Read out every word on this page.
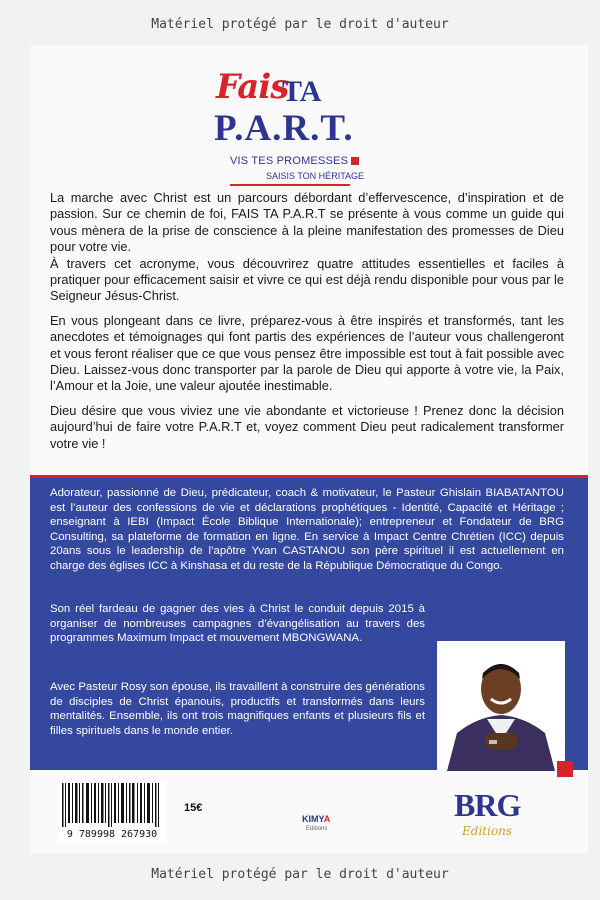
Matériel protégé par le droit d'auteur
Fais
TA
P.A.R.T.
VIS TES PROMESSES
SAISIS TON HÉRITAGE

La marche avec Christ est un parcours débordant d’effervescence, d’inspiration et de passion. Sur ce chemin de foi, FAIS TA P.A.R.T se présente à vous comme un guide qui vous mènera de la prise de conscience à la pleine manifestation des promesses de Dieu pour votre vie.

À travers cet acronyme, vous découvrirez quatre attitudes essentielles et faciles à pratiquer pour efficacement saisir et vivre ce qui est déjà rendu disponible pour vous par le Seigneur Jésus-Christ.

En vous plongeant dans ce livre, préparez-vous à être inspirés et transformés, tant les anecdotes et témoignages qui font partis des expériences de l’auteur vous challengeront et vous feront réaliser que ce que vous pensez être impossible est tout à fait possible avec Dieu. Laissez-vous donc transporter par la parole de Dieu qui apporte à votre vie, la Paix, l’Amour et la Joie, une valeur ajoutée inestimable.

Dieu désire que vous viviez une vie abondante et victorieuse ! Prenez donc la décision aujourd’hui de faire votre P.A.R.T et, voyez comment Dieu peut radicalement transformer votre vie !

Adorateur, passionné de Dieu, prédicateur, coach & motivateur, le Pasteur Ghislain BIABATANTOU est l’auteur des confessions de vie et déclarations prophétiques - Identité, Capacité et Héritage ; enseignant à IEBI (Impact École Biblique Internationale); entrepreneur et Fondateur de BRG Consulting, sa plateforme de formation en ligne. En service à Impact Centre Chrétien (ICC) depuis 20ans sous le leadership de l’apôtre Yvan CASTANOU son père spirituel il est actuellement en charge des églises ICC à Kinshasa et du reste de la République Démocratique du Congo.

Son réel fardeau de gagner des vies à Christ le conduit depuis 2015 à organiser de nombreuses campagnes d’évangélisation au travers des programmes Maximum Impact et mouvement MBONGWANA.

Avec Pasteur Rosy son épouse, ils travaillent à construire des générations de disciples de Christ épanouis, productifs et transformés dans leurs mentalités. Ensemble, ils ont trois magnifiques enfants et plusieurs fils et filles spirituels dans le monde entier.

9 789998 267930
15€
KIMYA
Editions
BRG
Editions
Matériel protégé par le droit d'auteur
